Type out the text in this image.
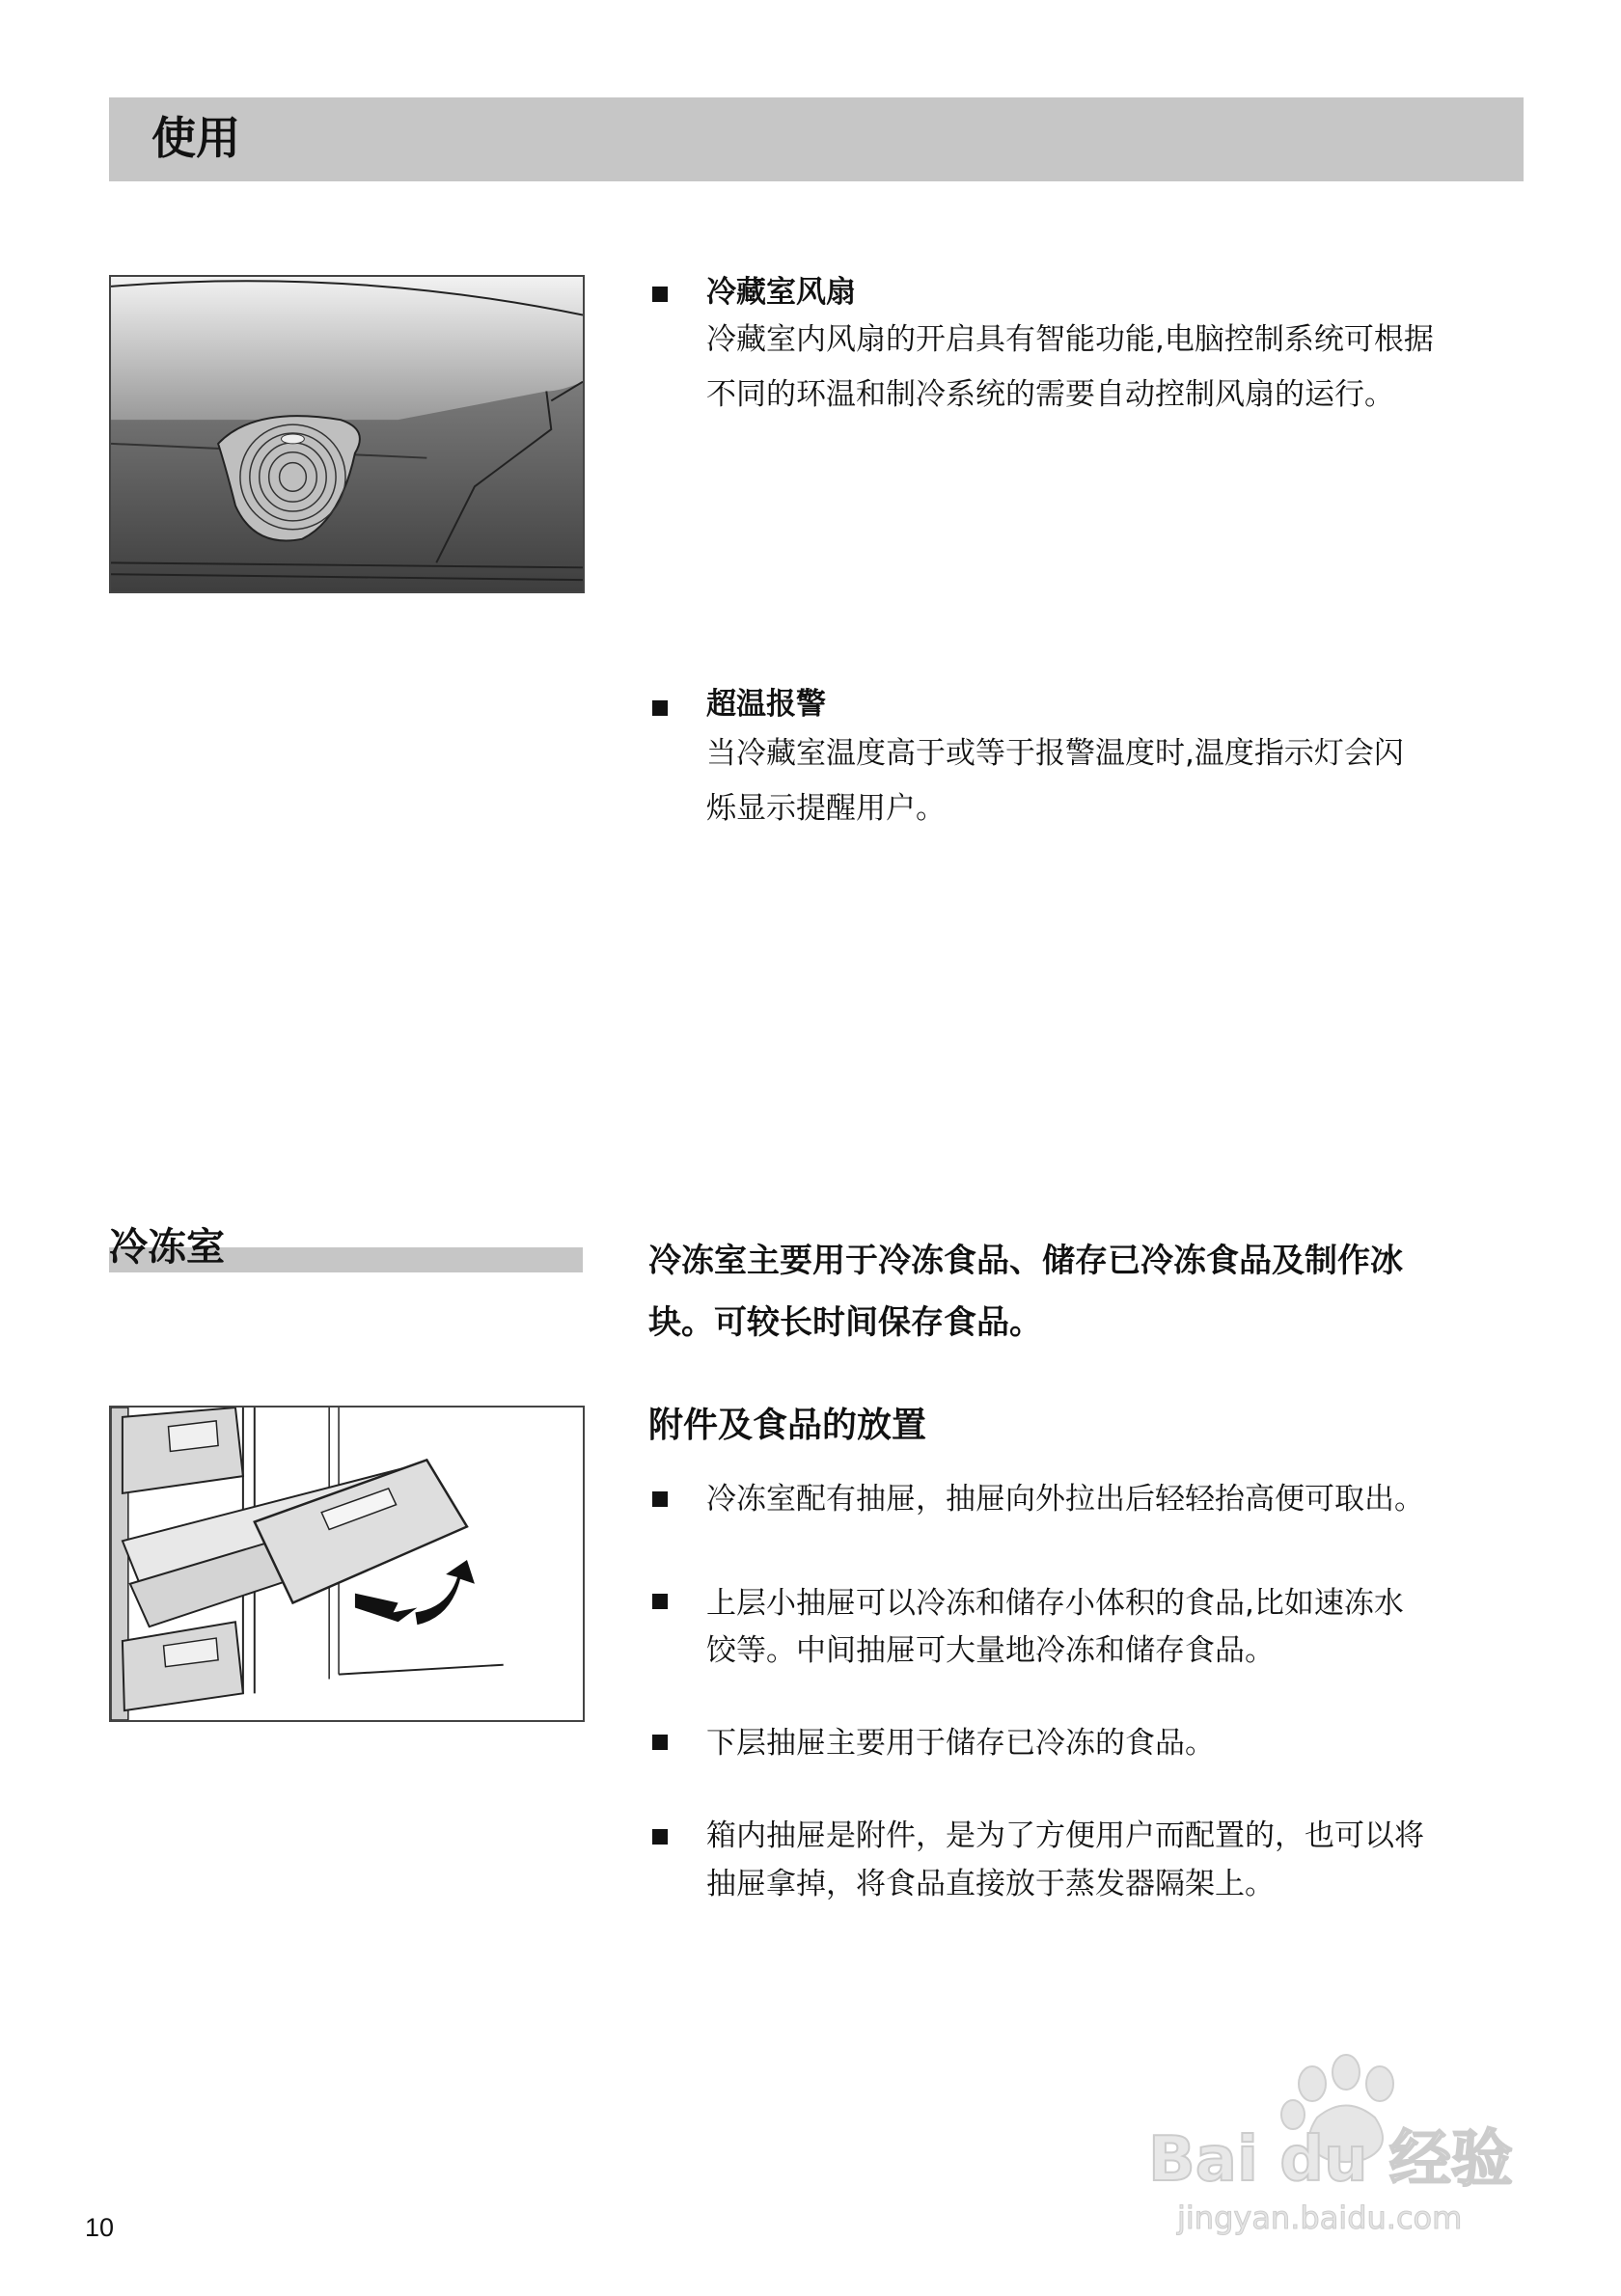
使用
冷藏室风扇
冷藏室内风扇的开启具有智能功能,电脑控制系统可根据
不同的环温和制冷系统的需要自动控制风扇的运行。
超温报警
当冷藏室温度高于或等于报警温度时,温度指示灯会闪
烁显示提醒用户。
冷冻室	冷冻室主要用于冷冻食品、储存已冷冻食品及制作冰
块。可较长时间保存食品。
附件及食品的放置
冷冻室配有抽屉，抽屉向外拉出后轻轻抬高便可取出。
上层小抽屉可以冷冻和储存小体积的食品,比如速冻水
饺等。中间抽屉可大量地冷冻和储存食品。
下层抽屉主要用于储存已冷冻的食品。
箱内抽屉是附件，是为了方便用户而配置的，也可以将
抽屉拿掉，将食品直接放于蒸发器隔架上。
10
Bai du 经验
jingyan.baidu.com
